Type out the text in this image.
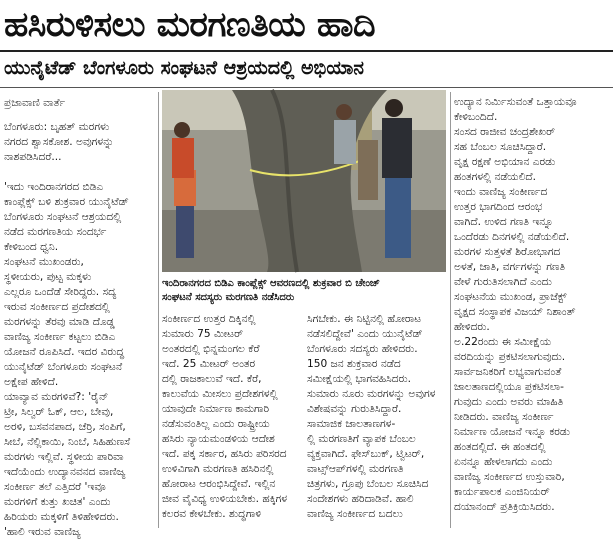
ಹಸಿರುಳಿಸಲು ಮರಗಣತಿಯ ಹಾದಿ
ಯುನೈಟೆಡ್ ಬೆಂಗಳೂರು ಸಂಘಟನೆ ಆಶ್ರಯದಲ್ಲಿ ಅಭಿಯಾನ
ಪ್ರಜಾವಾಣಿ ವಾರ್ತೆ
ಬೆಂಗಳೂರು: ಬೃಹತ್ ಮರಗಳು
ನಗರದ ಶ್ವಾಸಕೋಶ. ಅವುಗಳನ್ನು
ನಾಶಪಡಿಸಿದರೆ...

'ಇದು ಇಂದಿರಾನಗರದ ಬಿಡಿಎ
ಕಾಂಪ್ಲೆಕ್ಸ್ ಬಳಿ ಶುಕ್ರವಾರ ಯುನೈಟೆಡ್
ಬೆಂಗಳೂರು ಸಂಘಟನೆ ಆಶ್ರಯದಲ್ಲಿ
ನಡೆದ ಮರಗಣತಿಯ ಸಂದರ್ಭ
ಕೇಳಿಬಂದ ಧ್ವನಿ.
ಸಂಘಟನೆ ಮುಖಂಡರು,
ಸ್ಥಳೀಯರು, ಪುಟ್ಟ ಮಕ್ಕಳು
ಎಲ್ಲರೂ ಒಂದೆಡೆ ಸೇರಿದ್ದರು. ಸದ್ಯ
ಇರುವ ಸಂಕೀರ್ಣದ ಪ್ರದೇಶದಲ್ಲಿ
ಮರಗಳನ್ನು ತೆರವು ಮಾಡಿ ದೊಡ್ಡ
ವಾಣಿಜ್ಯ ಸಂಕೀರ್ಣ ಕಟ್ಟಲು ಬಿಡಿಎ
ಯೋಜನೆ ರೂಪಿಸಿದೆ. ಇದರ ವಿರುದ್ಧ
ಯುನೈಟೆಡ್ ಬೆಂಗಳೂರು ಸಂಘಟನೆ
ಅಕ್ಷೇಪ ಹೇಳಿದೆ.
ಯಾವ್ಯಾವ ಮರಗಳಿವೆ?: 'ರೈನ್
ಟ್ರೀ, ಸಿಲ್ವರ್ ಓಕ್, ಆಲ, ಬೇವು,
ಅರಳಿ, ಬಸವನಪಾದ, ಚೆರ್ರಿ, ಸಂಪಿಗೆ,
ಸೀಬೆ, ನೆಲ್ಲಿಕಾಯಿ, ನಿಂಬೆ, ಸಿಹಿಹುಣಸೆ
ಮರಗಳು ಇಲ್ಲಿವೆ. ಸ್ಥಳೀಯ ಪಾರಿವಾ
ಇದೆಯೆಂದು ಉದ್ಯಾನವನದ ವಾಣಿಜ್ಯ
ಸಂಕೀರ್ಣ ತಲೆ ಎತ್ತಿದರೆ 'ಇವೂ
ಮರಗಳಿಗೆ ಕುತ್ತು ಖಚಿತ' ಎಂದು
ಹಿರಿಯರು ಮಕ್ಕಳಿಗೆ ತಿಳಿಹೇಳಿದರು.
'ಹಾಲಿ ಇರುವ ವಾಣಿಜ್ಯ
ಇಂದಿರಾನಗರದ ಬಿಡಿಎ ಕಾಂಪ್ಲೆಕ್ಸ್ ಆವರಣದಲ್ಲಿ ಶುಕ್ರವಾರ ಬಿ ಚೇಂಜ್
ಸಂಘಟನೆ ಸದಸ್ಯರು ಮರಗಣತಿ ನಡೆಸಿದರು
ಸಂಕೀರ್ಣದ ಉತ್ತರ ದಿಕ್ಕಿನಲ್ಲಿ
ಸುಮಾರು 75 ಮೀಟರ್
ಅಂತರದಲ್ಲಿ ಭಿನ್ನಮಂಗಲ ಕೆರೆ
ಇದೆ. 25 ಮೀಟರ್ ಅಂತರ
ದಲ್ಲಿ ರಾಜಕಾಲುವೆ ಇದೆ. ಕೆರೆ,
ಕಾಲುವೆಯ ಮೀಸಲು ಪ್ರದೇಶಗಳಲ್ಲಿ
ಯಾವುದೇ ನಿರ್ಮಾಣ ಕಾಮಗಾರಿ
ನಡೆಸುವಂತಿಲ್ಲ ಎಂದು ರಾಷ್ಟ್ರೀಯ
ಹಸಿರು ನ್ಯಾಯಮಂಡಳಿಯ ಆದೇಶ
ಇದೆ. ಪಕ್ಕ ಸರ್ಕಾರ, ಹಸಿರು ಪರಿಸರದ
ಉಳಿವಿಗಾಗಿ ಮರಗಣತಿ ಹಸಿರಿನಲ್ಲಿ
ಹೋರಾಟ ಆರಂಭಿಸಿದ್ದೇವೆ. ಇಲ್ಲಿನ
ಜೀವ ವೈವಿಧ್ಯ ಉಳಿಯಬೇಕು. ಹಕ್ಕಿಗಳ
ಕಲರವ ಕೇಳಬೇಕು. ಶುದ್ಧಗಾಳಿ
ಸಿಗಬೇಕು. ಈ ನಿಟ್ಟಿನಲ್ಲಿ ಹೋರಾಟ
ನಡೆಸಲಿದ್ದೇವೆ' ಎಂದು ಯುನೈಟೆಡ್
ಬೆಂಗಳೂರು ಸದಸ್ಯರು ಹೇಳಿದರು.
150 ಜನ ಶುಕ್ರವಾರ ನಡೆದ
ಸಮೀಕ್ಷೆಯಲ್ಲಿ ಭಾಗವಹಿಸಿದರು.
ಸುಮಾರು ನೂರು ಮರಗಳನ್ನು ಅವುಗಳ
ವಿಶೇಷವನ್ನು ಗುರುತಿಸಿದ್ದಾರೆ.
ಸಾಮಾಜಿಕ ಜಾಲತಾಣಗಳ-
ಲ್ಲಿ ಮರಗಣತಿಗೆ ವ್ಯಾಪಕ ಬೆಂಬಲ
ವ್ಯಕ್ತವಾಗಿದೆ. ಫೇಸ್‌ಬುಕ್, ಟ್ವಿಟರ್,
ವಾಟ್ಸ್‌ಆಪ್‌ಗಳಲ್ಲಿ ಮರಗಣತಿ
ಚಿತ್ರಗಳು, ಗ್ರೂಪು ಬೆಂಬಲ ಸೂಚಿಸಿದ
ಸಂದೇಶಗಳು ಹರಿದಾಡಿವೆ. ಹಾಲಿ
ವಾಣಿಜ್ಯ ಸಂಕೀರ್ಣದ ಬದಲು
ಉದ್ಯಾನ ನಿರ್ಮಿಸುವಂತೆ ಒತ್ತಾಯವೂ
ಕೇಳಿಬಂದಿದೆ.
ಸಂಸದ ರಾಜೀವ ಚಂದ್ರಶೇಖರ್
ಸಹ ಬೆಂಬಲ ಸೂಚಿಸಿದ್ದಾರೆ.
ವೃಕ್ಷ ರಕ್ಷಣೆ ಅಭಿಯಾನ ಎರಡು
ಹಂತಗಳಲ್ಲಿ ನಡೆಯಲಿದೆ.
ಇಂದು ವಾಣಿಜ್ಯ ಸಂಕೀರ್ಣದ
ಉತ್ತರ ಭಾಗದಿಂದ ಆರಂಭ
ವಾಗಿದೆ. ಉಳಿದ ಗಣತಿ ಇನ್ನೂ
ಒಂದೆರಡು ದಿನಗಳಲ್ಲಿ ನಡೆಯಲಿದೆ.
ಮರಗಳ ಸುತ್ತಳತೆ ಶಿರೋಭಾಗದ
ಅಳತೆ, ಜಾತಿ, ವರ್ಗಗಳನ್ನು ಗಣತಿ
ವೇಳೆ ಗುರುತಿಸಲಾಗಿದೆ ಎಂದು
ಸಂಘಟನೆಯ ಮುಖಂಡ, ಪ್ರಾಜೆಕ್ಟ್
ವೃಕ್ಷದ ಸಂಸ್ಥಾಪಕ ವಿಜಯ್ ನಿಶಾಂತ್
ಹೇಳಿದರು.
ಅ.22ರಂದು ಈ ಸಮೀಕ್ಷೆಯ
ವರದಿಯನ್ನು ಪ್ರಕಟಿಸಲಾಗುವುದು.
ಸಾರ್ವಜನಿಕರಿಗೆ ಲಭ್ಯವಾಗುವಂತೆ
ಜಾಲತಾಣದಲ್ಲಿಯೂ ಪ್ರಕಟಿಸಲಾ-
ಗುವುದು ಎಂದು ಅವರು ಮಾಹಿತಿ
ನೀಡಿದರು. ವಾಣಿಜ್ಯ ಸಂಕೀರ್ಣ
ನಿರ್ಮಾಣ ಯೋಜನೆ ಇನ್ನೂ ಕರಡು
ಹಂತದಲ್ಲಿದೆ. ಈ ಹಂತದಲ್ಲಿ
ಏನನ್ನೂ ಹೇಳಲಾಗದು ಎಂದು
ವಾಣಿಜ್ಯ ಸಂಕೀರ್ಣದ ಉಸ್ತುವಾರಿ,
ಕಾರ್ಯಪಾಲಕ ಎಂಜಿನಿಯರ್
ದಯಾನಂದ್ ಪ್ರತಿಕ್ರಿಯಿಸಿದರು.
